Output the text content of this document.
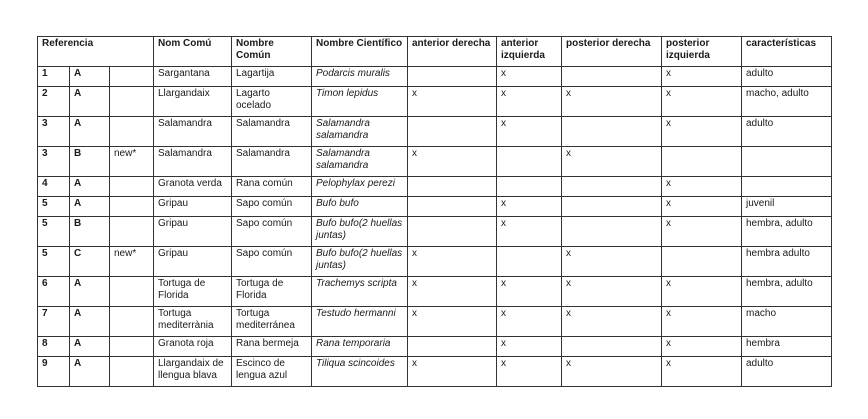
Referencia			Nom Comú	Nombre Común	Nombre Científico	anterior derecha	anterior izquierda	posterior derecha	posterior izquierda	características
1	A		Sargantana	Lagartija	Podarcis muralis		x		x	adulto
2	A		Llargandaix	Lagarto ocelado	Timon lepidus	x	x	x	x	macho, adulto
3	A		Salamandra	Salamandra	Salamandra salamandra		x		x	adulto
3	B	new*	Salamandra	Salamandra	Salamandra salamandra	x		x		
4	A		Granota verda	Rana común	Pelophylax perezi				x	
5	A		Gripau	Sapo común	Bufo bufo		x		x	juvenil
5	B		Gripau	Sapo común	Bufo bufo(2 huellas juntas)		x		x	hembra, adulto
5	C	new*	Gripau	Sapo común	Bufo bufo(2 huellas juntas)	x		x		hembra adulto
6	A		Tortuga de Florida	Tortuga de Florida	Trachemys scripta	x	x	x	x	hembra, adulto
7	A		Tortuga mediterrània	Tortuga mediterránea	Testudo hermanni	x	x	x	x	macho
8	A		Granota roja	Rana bermeja	Rana temporaria		x		x	hembra
9	A		Llargandaix de llengua blava	Escinco de lengua azul	Tiliqua scincoides	x	x	x	x	adulto
